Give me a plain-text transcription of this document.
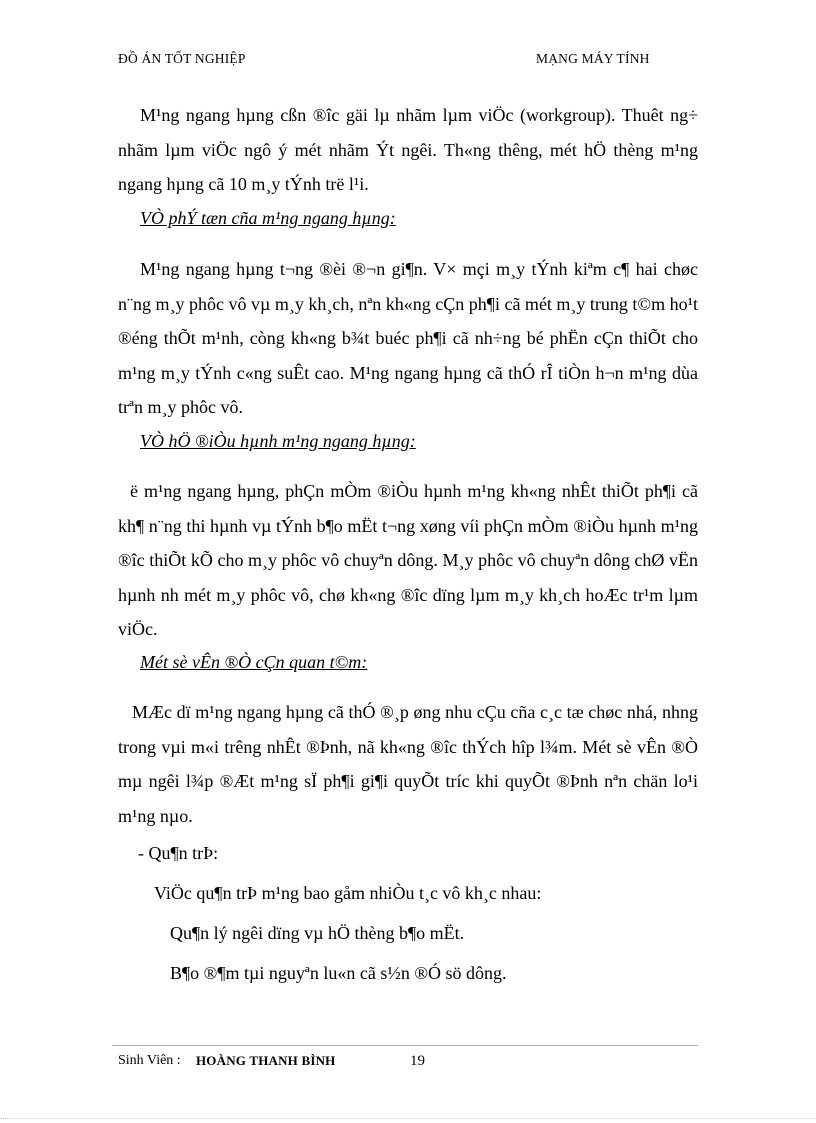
ĐỒ ÁN TỐT NGHIỆP	MẠNG MÁY TÍNH
M¹ng ngang hµng cßn ®îc gäi lµ nhãm lµm viÖc (workgroup). Thuêt ng÷ nhãm lµm viÖc ngô ý mét nhãm Ýt ngêi. Th«ng thêng, mét hÖ thèng m¹ng ngang hµng cã 10 m¸y tÝnh trë l¹i.
VÒ phÝ tæn cña m¹ng ngang hµng:
M¹ng ngang hµng t¬ng ®èi ®¬n gi¶n. V× mçi m¸y tÝnh kiªm c¶ hai chøc n¨ng m¸y phôc vô vµ m¸y kh¸ch, nªn kh«ng cÇn ph¶i cã mét m¸y trung t©m ho¹t ®éng thÕt m¹nh, còng kh«ng b¾t buéc ph¶i cã nh÷ng bé phËn cÇn thiÕt cho m¹ng m¸y tÝnh c«ng suÊt cao. M¹ng ngang hµng cã thÓ rÎ tiÒn h¬n m¹ng dùa trªn m¸y phôc vô.
VÒ hÖ ®iÒu hµnh m¹ng ngang hµng:
ë m¹ng ngang hµng, phÇn mÒm ®iÒu hµnh m¹ng kh«ng nhÊt thiÕt ph¶i cã kh¶ n¨ng thi hµnh vµ tÝnh b¶o mËt t¬ng xøng víi phÇn mÒm ®iÒu hµnh m¹ng ®îc thiÕt kÕ cho m¸y phôc vô chuyªn dông. M¸y phôc vô chuyªn dông chØ vËn hµnh nh mét m¸y phôc vô, chø kh«ng ®îc dïng lµm m¸y kh¸ch hoÆc tr¹m lµm viÖc.
Mét sè vÊn ®Ò cÇn quan t©m:
MÆc dï m¹ng ngang hµng cã thÓ ®¸p øng nhu cÇu cña c¸c tæ chøc nhá, nhng trong vµi m«i trêng nhÊt ®Þnh, nã kh«ng ®îc thÝch hîp l¾m. Mét sè vÊn ®Ò mµ ngêi l¾p ®Æt m¹ng sÏ ph¶i gi¶i quyÕt tríc khi quyÕt ®Þnh nªn chän lo¹i m¹ng nµo.
- Qu¶n trÞ:
ViÖc qu¶n trÞ m¹ng bao gåm nhiÒu t¸c vô kh¸c nhau:
Qu¶n lý ngêi dïng vµ hÖ thèng b¶o mËt.
B¶o ®¶m tµi nguyªn lu«n cã s½n ®Ó sö dông.
Sinh Viên : HOÀNG THANH BÌNH	19
